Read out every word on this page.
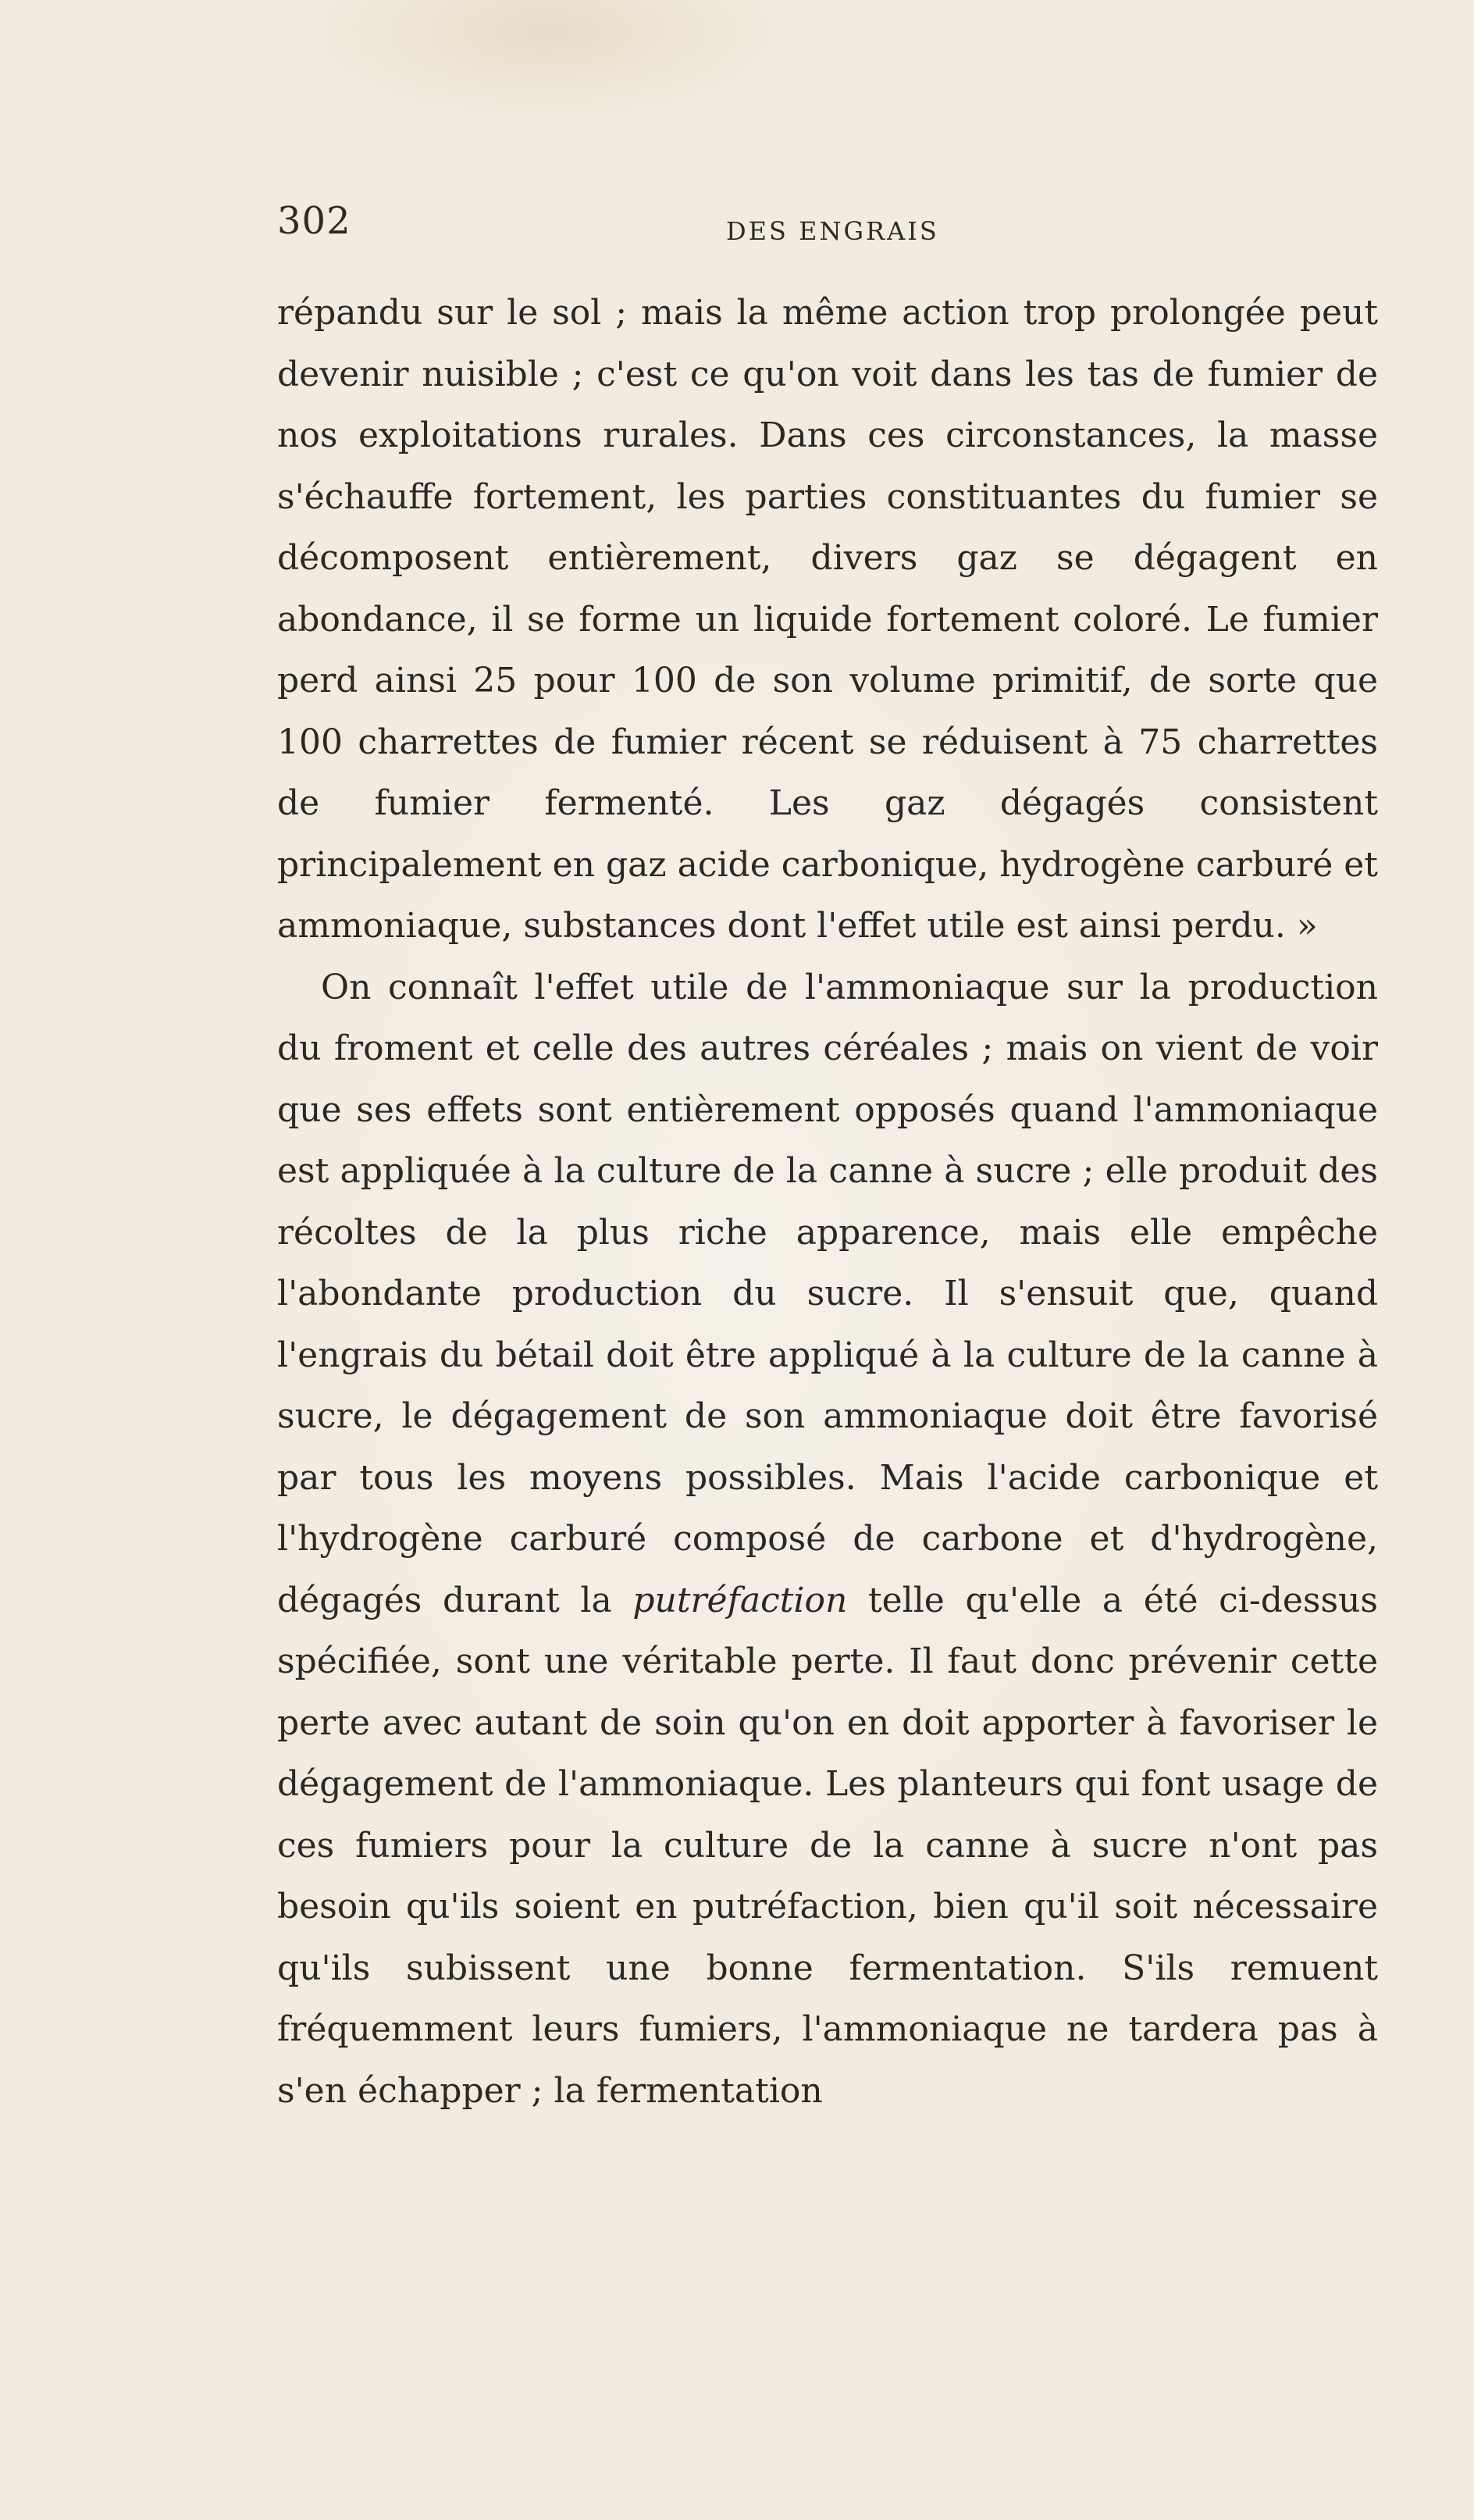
302	DES ENGRAIS

répandu sur le sol ; mais la même action trop prolongée peut devenir nuisible ; c'est ce qu'on voit dans les tas de fumier de nos exploitations rurales. Dans ces circonstances, la masse s'échauffe fortement, les parties constituantes du fumier se décomposent entièrement, divers gaz se dégagent en abondance, il se forme un liquide fortement coloré. Le fumier perd ainsi 25 pour 100 de son volume primitif, de sorte que 100 charrettes de fumier récent se réduisent à 75 charrettes de fumier fermenté. Les gaz dégagés consistent principalement en gaz acide carbonique, hydrogène carburé et ammoniaque, substances dont l'effet utile est ainsi perdu. »

On connaît l'effet utile de l'ammoniaque sur la production du froment et celle des autres céréales ; mais on vient de voir que ses effets sont entièrement opposés quand l'ammoniaque est appliquée à la culture de la canne à sucre ; elle produit des récoltes de la plus riche apparence, mais elle empêche l'abondante production du sucre. Il s'ensuit que, quand l'engrais du bétail doit être appliqué à la culture de la canne à sucre, le dégagement de son ammoniaque doit être favorisé par tous les moyens possibles. Mais l'acide carbonique et l'hydrogène carburé composé de carbone et d'hydrogène, dégagés durant la putréfaction telle qu'elle a été ci-dessus spécifiée, sont une véritable perte. Il faut donc prévenir cette perte avec autant de soin qu'on en doit apporter à favoriser le dégagement de l'ammoniaque. Les planteurs qui font usage de ces fumiers pour la culture de la canne à sucre n'ont pas besoin qu'ils soient en putréfaction, bien qu'il soit nécessaire qu'ils subissent une bonne fermentation. S'ils remuent fréquemment leurs fumiers, l'ammoniaque ne tardera pas à s'en échapper ; la fermentation
